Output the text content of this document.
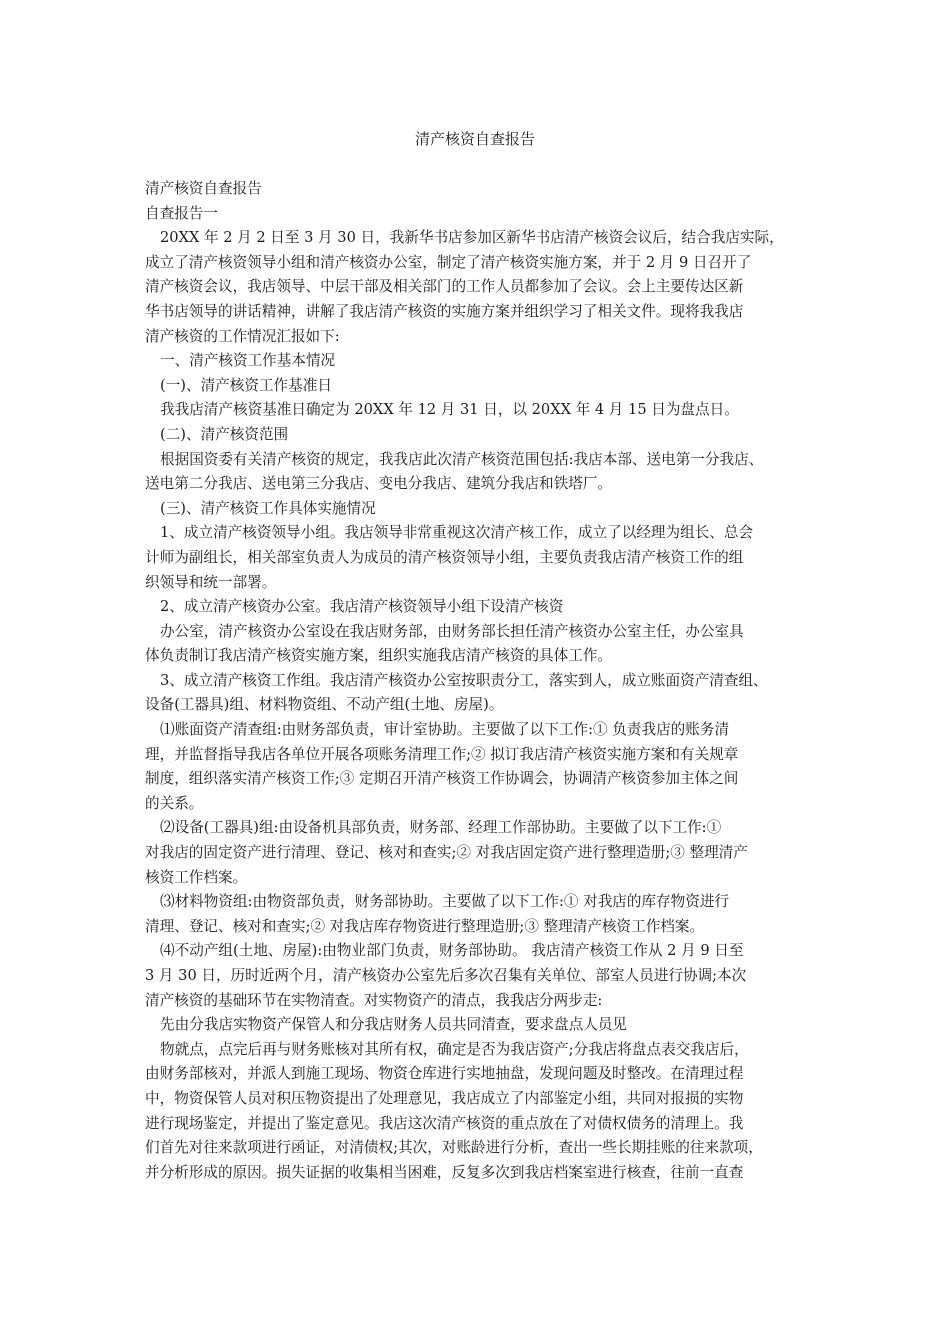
清产核资自查报告
清产核资自查报告
自查报告一
20XX 年 2 月 2 日至 3 月 30 日，我新华书店参加区新华书店清产核资会议后，结合我店实际，
成立了清产核资领导小组和清产核资办公室，制定了清产核资实施方案，并于 2 月 9 日召开了
清产核资会议，我店领导、中层干部及相关部门的工作人员都参加了会议。会上主要传达区新
华书店领导的讲话精神，讲解了我店清产核资的实施方案并组织学习了相关文件。现将我我店
清产核资的工作情况汇报如下:
一、清产核资工作基本情况
(一)、清产核资工作基准日
我我店清产核资基准日确定为 20XX 年 12 月 31 日，以 20XX 年 4 月 15 日为盘点日。
(二)、清产核资范围
根据国资委有关清产核资的规定，我我店此次清产核资范围包括:我店本部、送电第一分我店、
送电第二分我店、送电第三分我店、变电分我店、建筑分我店和铁塔厂。
(三)、清产核资工作具体实施情况
1、成立清产核资领导小组。我店领导非常重视这次清产核工作，成立了以经理为组长、总会
计师为副组长，相关部室负责人为成员的清产核资领导小组，主要负责我店清产核资工作的组
织领导和统一部署。
2、成立清产核资办公室。我店清产核资领导小组下设清产核资
办公室，清产核资办公室设在我店财务部，由财务部长担任清产核资办公室主任，办公室具
体负责制订我店清产核资实施方案，组织实施我店清产核资的具体工作。
3、成立清产核资工作组。我店清产核资办公室按职责分工，落实到人，成立账面资产清查组、
设备(工器具)组、材料物资组、不动产组(土地、房屋)。
⑴账面资产清查组:由财务部负责，审计室协助。主要做了以下工作:① 负责我店的账务清
理，并监督指导我店各单位开展各项账务清理工作;② 拟订我店清产核资实施方案和有关规章
制度，组织落实清产核资工作;③ 定期召开清产核资工作协调会，协调清产核资参加主体之间
的关系。
⑵设备(工器具)组:由设备机具部负责，财务部、经理工作部协助。主要做了以下工作:①
对我店的固定资产进行清理、登记、核对和查实;② 对我店固定资产进行整理造册;③ 整理清产
核资工作档案。
⑶材料物资组:由物资部负责，财务部协助。主要做了以下工作:① 对我店的库存物资进行
清理、登记、核对和查实;② 对我店库存物资进行整理造册;③ 整理清产核资工作档案。
⑷不动产组(土地、房屋):由物业部门负责，财务部协助。 我店清产核资工作从 2 月 9 日至
3 月 30 日，历时近两个月，清产核资办公室先后多次召集有关单位、部室人员进行协调;本次
清产核资的基础环节在实物清查。对实物资产的清点，我我店分两步走:
先由分我店实物资产保管人和分我店财务人员共同清查，要求盘点人员见
物就点，点完后再与财务账核对其所有权，确定是否为我店资产;分我店将盘点表交我店后，
由财务部核对，并派人到施工现场、物资仓库进行实地抽盘，发现问题及时整改。在清理过程
中，物资保管人员对积压物资提出了处理意见，我店成立了内部鉴定小组，共同对报损的实物
进行现场鉴定，并提出了鉴定意见。我店这次清产核资的重点放在了对债权债务的清理上。我
们首先对往来款项进行函证，对清债权;其次，对账龄进行分析，查出一些长期挂账的往来款项，
并分析形成的原因。损失证据的收集相当困难，反复多次到我店档案室进行核查，往前一直查
